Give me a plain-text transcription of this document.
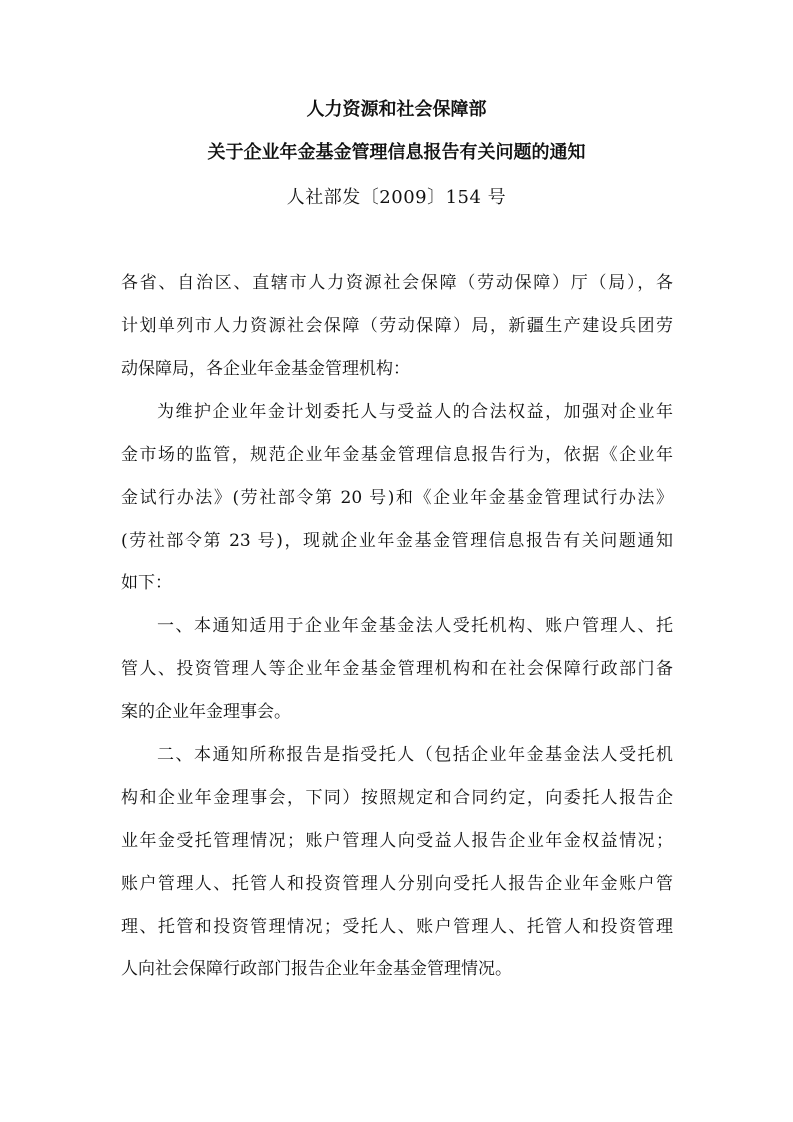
人力资源和社会保障部
关于企业年金基金管理信息报告有关问题的通知
人社部发〔2009〕154 号
各省、自治区、直辖市人力资源社会保障（劳动保障）厅（局），各
计划单列市人力资源社会保障（劳动保障）局，新疆生产建设兵团劳
动保障局，各企业年金基金管理机构：
为维护企业年金计划委托人与受益人的合法权益，加强对企业年
金市场的监管，规范企业年金基金管理信息报告行为，依据《企业年
金试行办法》(劳社部令第 20 号)和《企业年金基金管理试行办法》
(劳社部令第 23 号)，现就企业年金基金管理信息报告有关问题通知
如下：
一、本通知适用于企业年金基金法人受托机构、账户管理人、托
管人、投资管理人等企业年金基金管理机构和在社会保障行政部门备
案的企业年金理事会。
二、本通知所称报告是指受托人（包括企业年金基金法人受托机
构和企业年金理事会，下同）按照规定和合同约定，向委托人报告企
业年金受托管理情况；账户管理人向受益人报告企业年金权益情况；
账户管理人、托管人和投资管理人分别向受托人报告企业年金账户管
理、托管和投资管理情况；受托人、账户管理人、托管人和投资管理
人向社会保障行政部门报告企业年金基金管理情况。
